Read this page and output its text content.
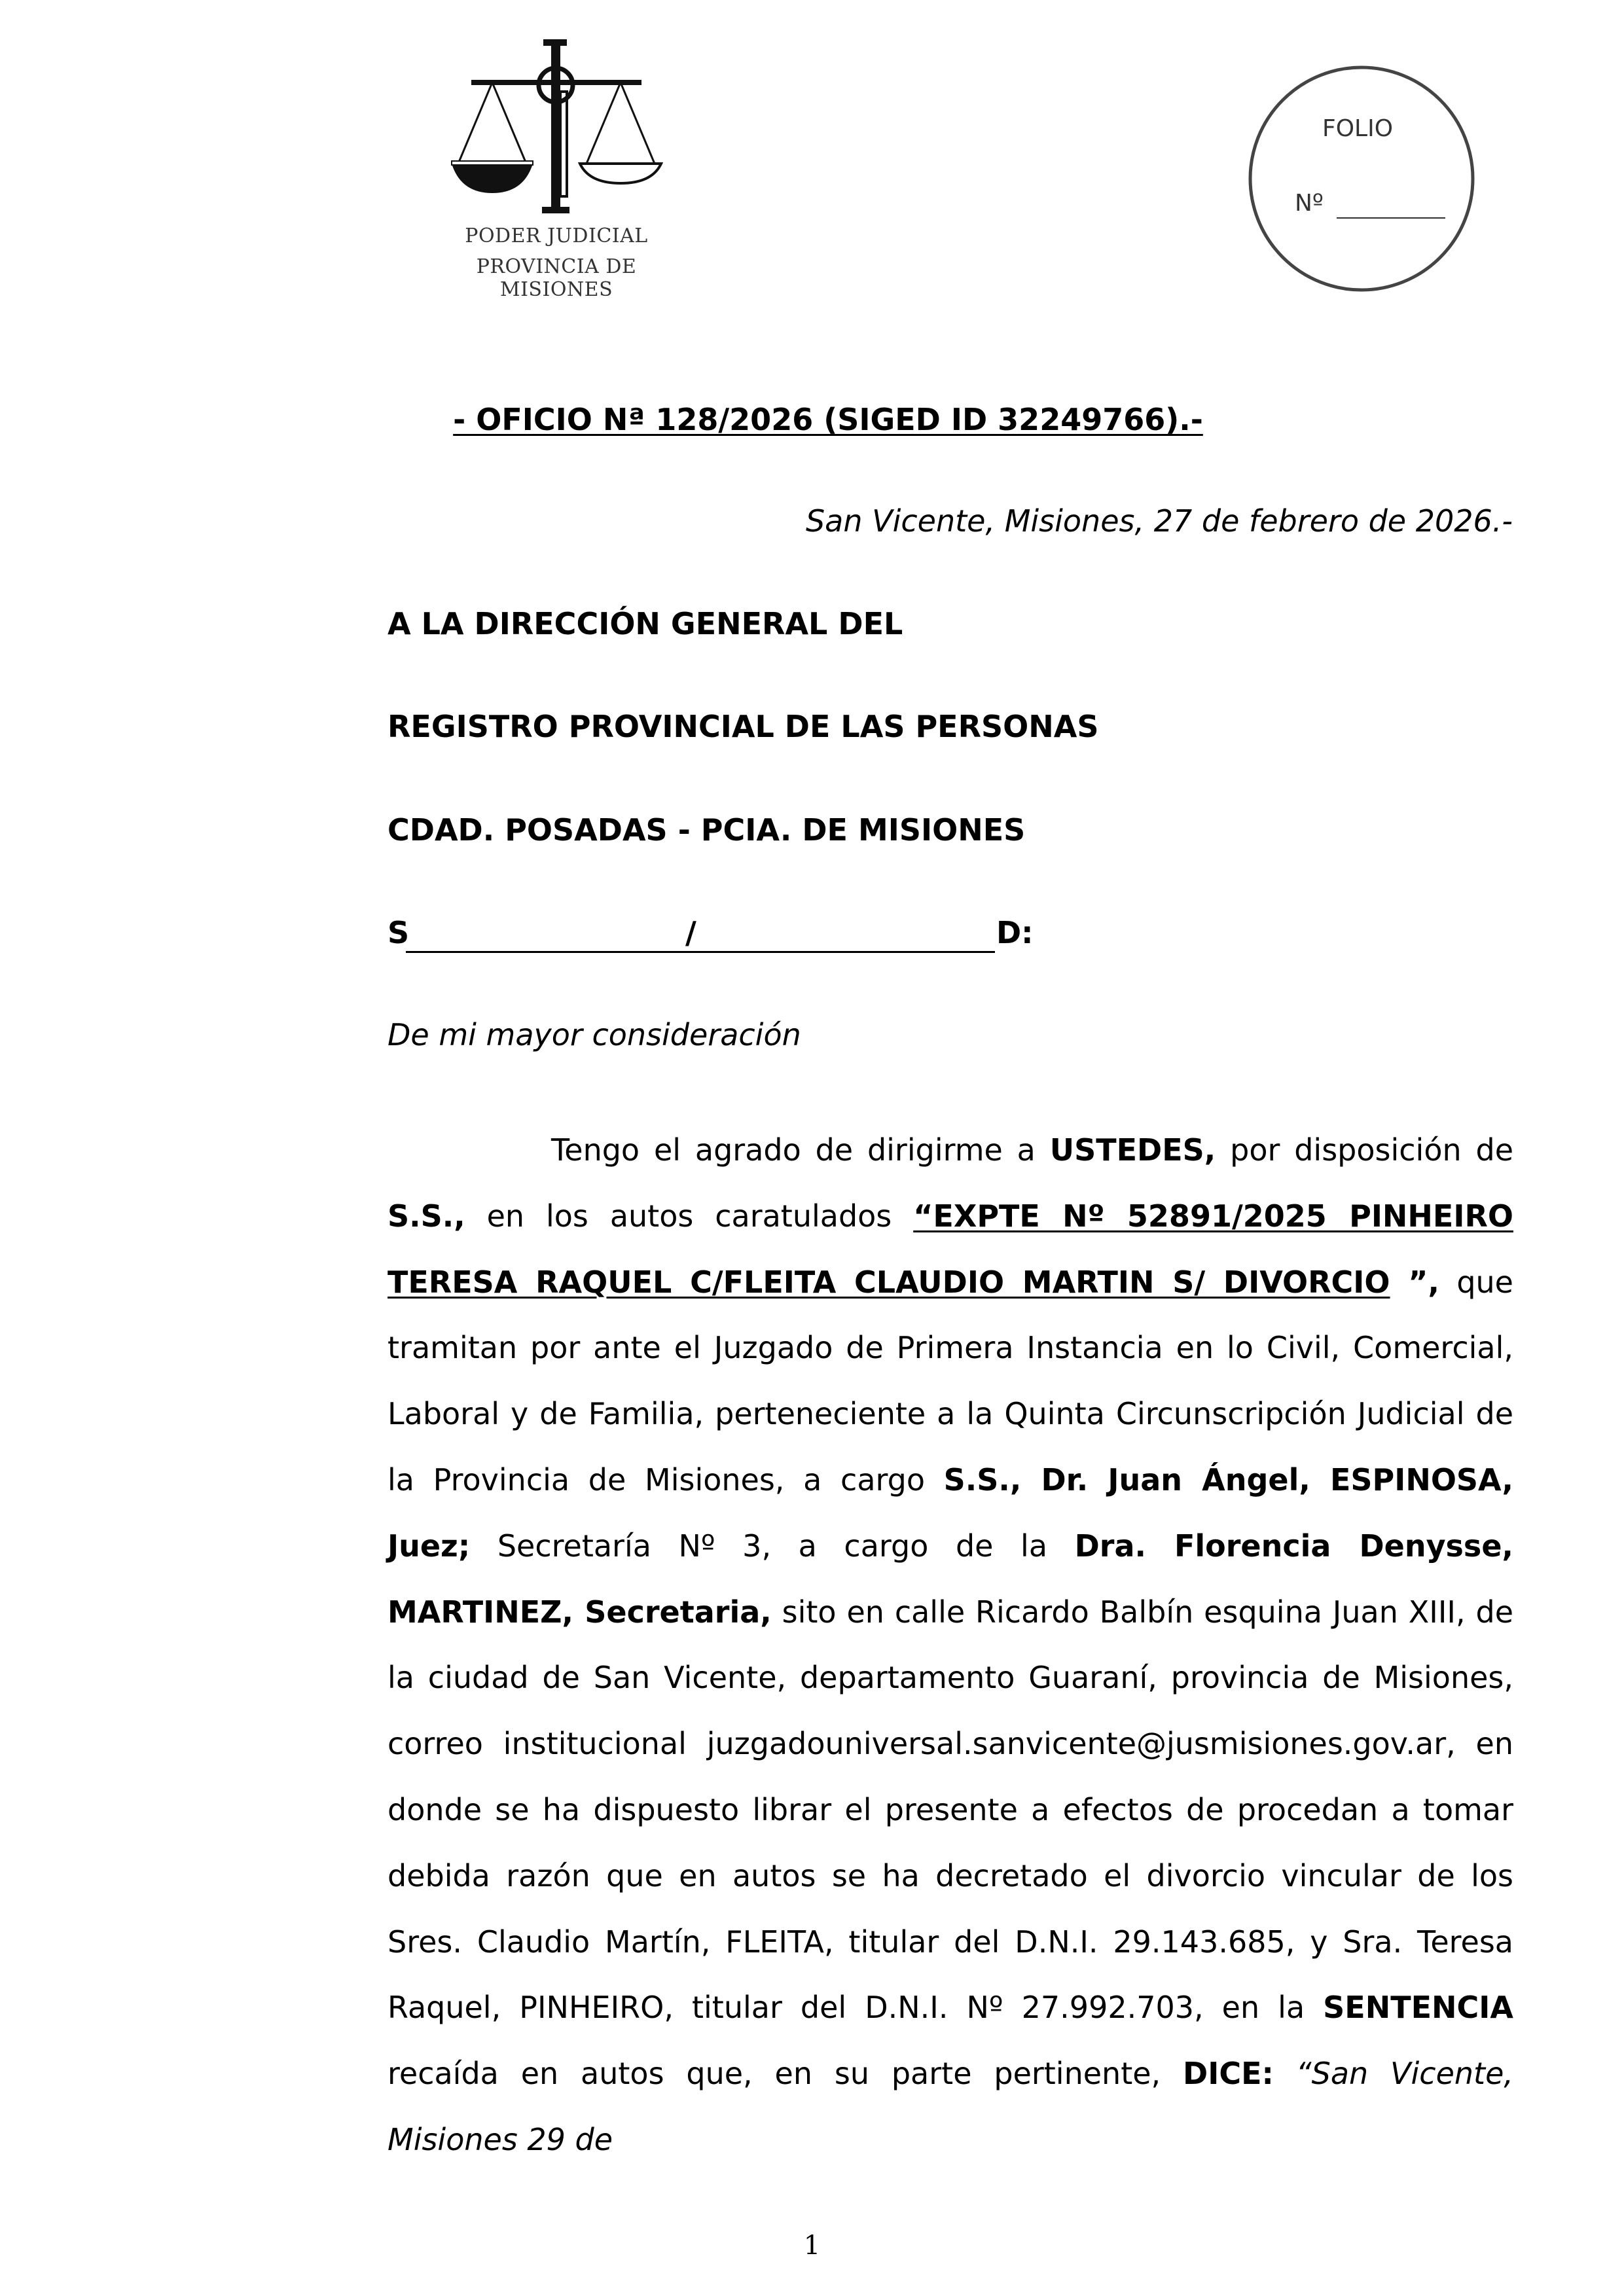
PODER JUDICIAL
PROVINCIA DE MISIONES
FOLIO
Nº
- OFICIO Nª 128/2026 (SIGED ID 32249766).-
San Vicente, Misiones, 27 de febrero de 2026.-
A LA DIRECCIÓN GENERAL DEL
REGISTRO PROVINCIAL DE LAS PERSONAS
CDAD. POSADAS - PCIA. DE MISIONES
S	/	D:
De mi mayor consideración
Tengo el agrado de dirigirme a USTEDES, por disposición de S.S., en los autos caratulados “EXPTE Nº 52891/2025 PINHEIRO TERESA RAQUEL C/FLEITA CLAUDIO MARTIN S/ DIVORCIO ”, que tramitan por ante el Juzgado de Primera Instancia en lo Civil, Comercial, Laboral y de Familia, perteneciente a la Quinta Circunscripción Judicial de la Provincia de Misiones, a cargo S.S., Dr. Juan Ángel, ESPINOSA, Juez; Secretaría Nº 3, a cargo de la Dra. Florencia Denysse, MARTINEZ, Secretaria, sito en calle Ricardo Balbín esquina Juan XIII, de la ciudad de San Vicente, departamento Guaraní, provincia de Misiones, correo institucional juzgadouniversal.sanvicente@jusmisiones.gov.ar, en donde se ha dispuesto librar el presente a efectos de procedan a tomar debida razón que en autos se ha decretado el divorcio vincular de los Sres. Claudio Martín, FLEITA, titular del D.N.I. 29.143.685, y Sra. Teresa Raquel, PINHEIRO, titular del D.N.I. Nº 27.992.703, en la SENTENCIA recaída en autos que, en su parte pertinente, DICE: “San Vicente, Misiones 29 de
1
